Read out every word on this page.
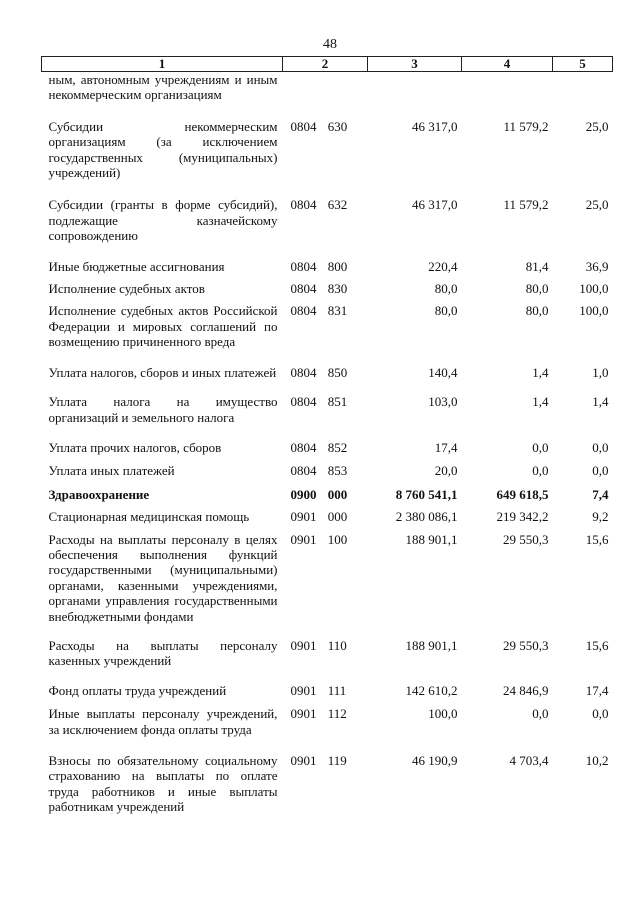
48
1	2	3	4	5
ным, автономным учреждениям и иным некоммерческим организациям				
Субсидии некоммерческим организациям (за исключением государственных (муниципальных) учреждений)	0804 630	46 317,0	11 579,2	25,0
Субсидии (гранты в форме субсидий), подлежащие казначейскому сопровождению	0804 632	46 317,0	11 579,2	25,0
Иные бюджетные ассигнования	0804 800	220,4	81,4	36,9
Исполнение судебных актов	0804 830	80,0	80,0	100,0
Исполнение судебных актов Российской Федерации и мировых соглашений по возмещению причиненного вреда	0804 831	80,0	80,0	100,0
Уплата налогов, сборов и иных платежей	0804 850	140,4	1,4	1,0
Уплата налога на имущество организаций и земельного налога	0804 851	103,0	1,4	1,4
Уплата прочих налогов, сборов	0804 852	17,4	0,0	0,0
Уплата иных платежей	0804 853	20,0	0,0	0,0
Здравоохранение	0900 000	8 760 541,1	649 618,5	7,4
Стационарная медицинская помощь	0901 000	2 380 086,1	219 342,2	9,2
Расходы на выплаты персоналу в целях обеспечения выполнения функций государственными (муниципальными) органами, казенными учреждениями, органами управления государственными внебюджетными фондами	0901 100	188 901,1	29 550,3	15,6
Расходы на выплаты персоналу казенных учреждений	0901 110	188 901,1	29 550,3	15,6
Фонд оплаты труда учреждений	0901 111	142 610,2	24 846,9	17,4
Иные выплаты персоналу учреждений, за исключением фонда оплаты труда	0901 112	100,0	0,0	0,0
Взносы по обязательному социальному страхованию на выплаты по оплате труда работников и иные выплаты работникам учреждений	0901 119	46 190,9	4 703,4	10,2
